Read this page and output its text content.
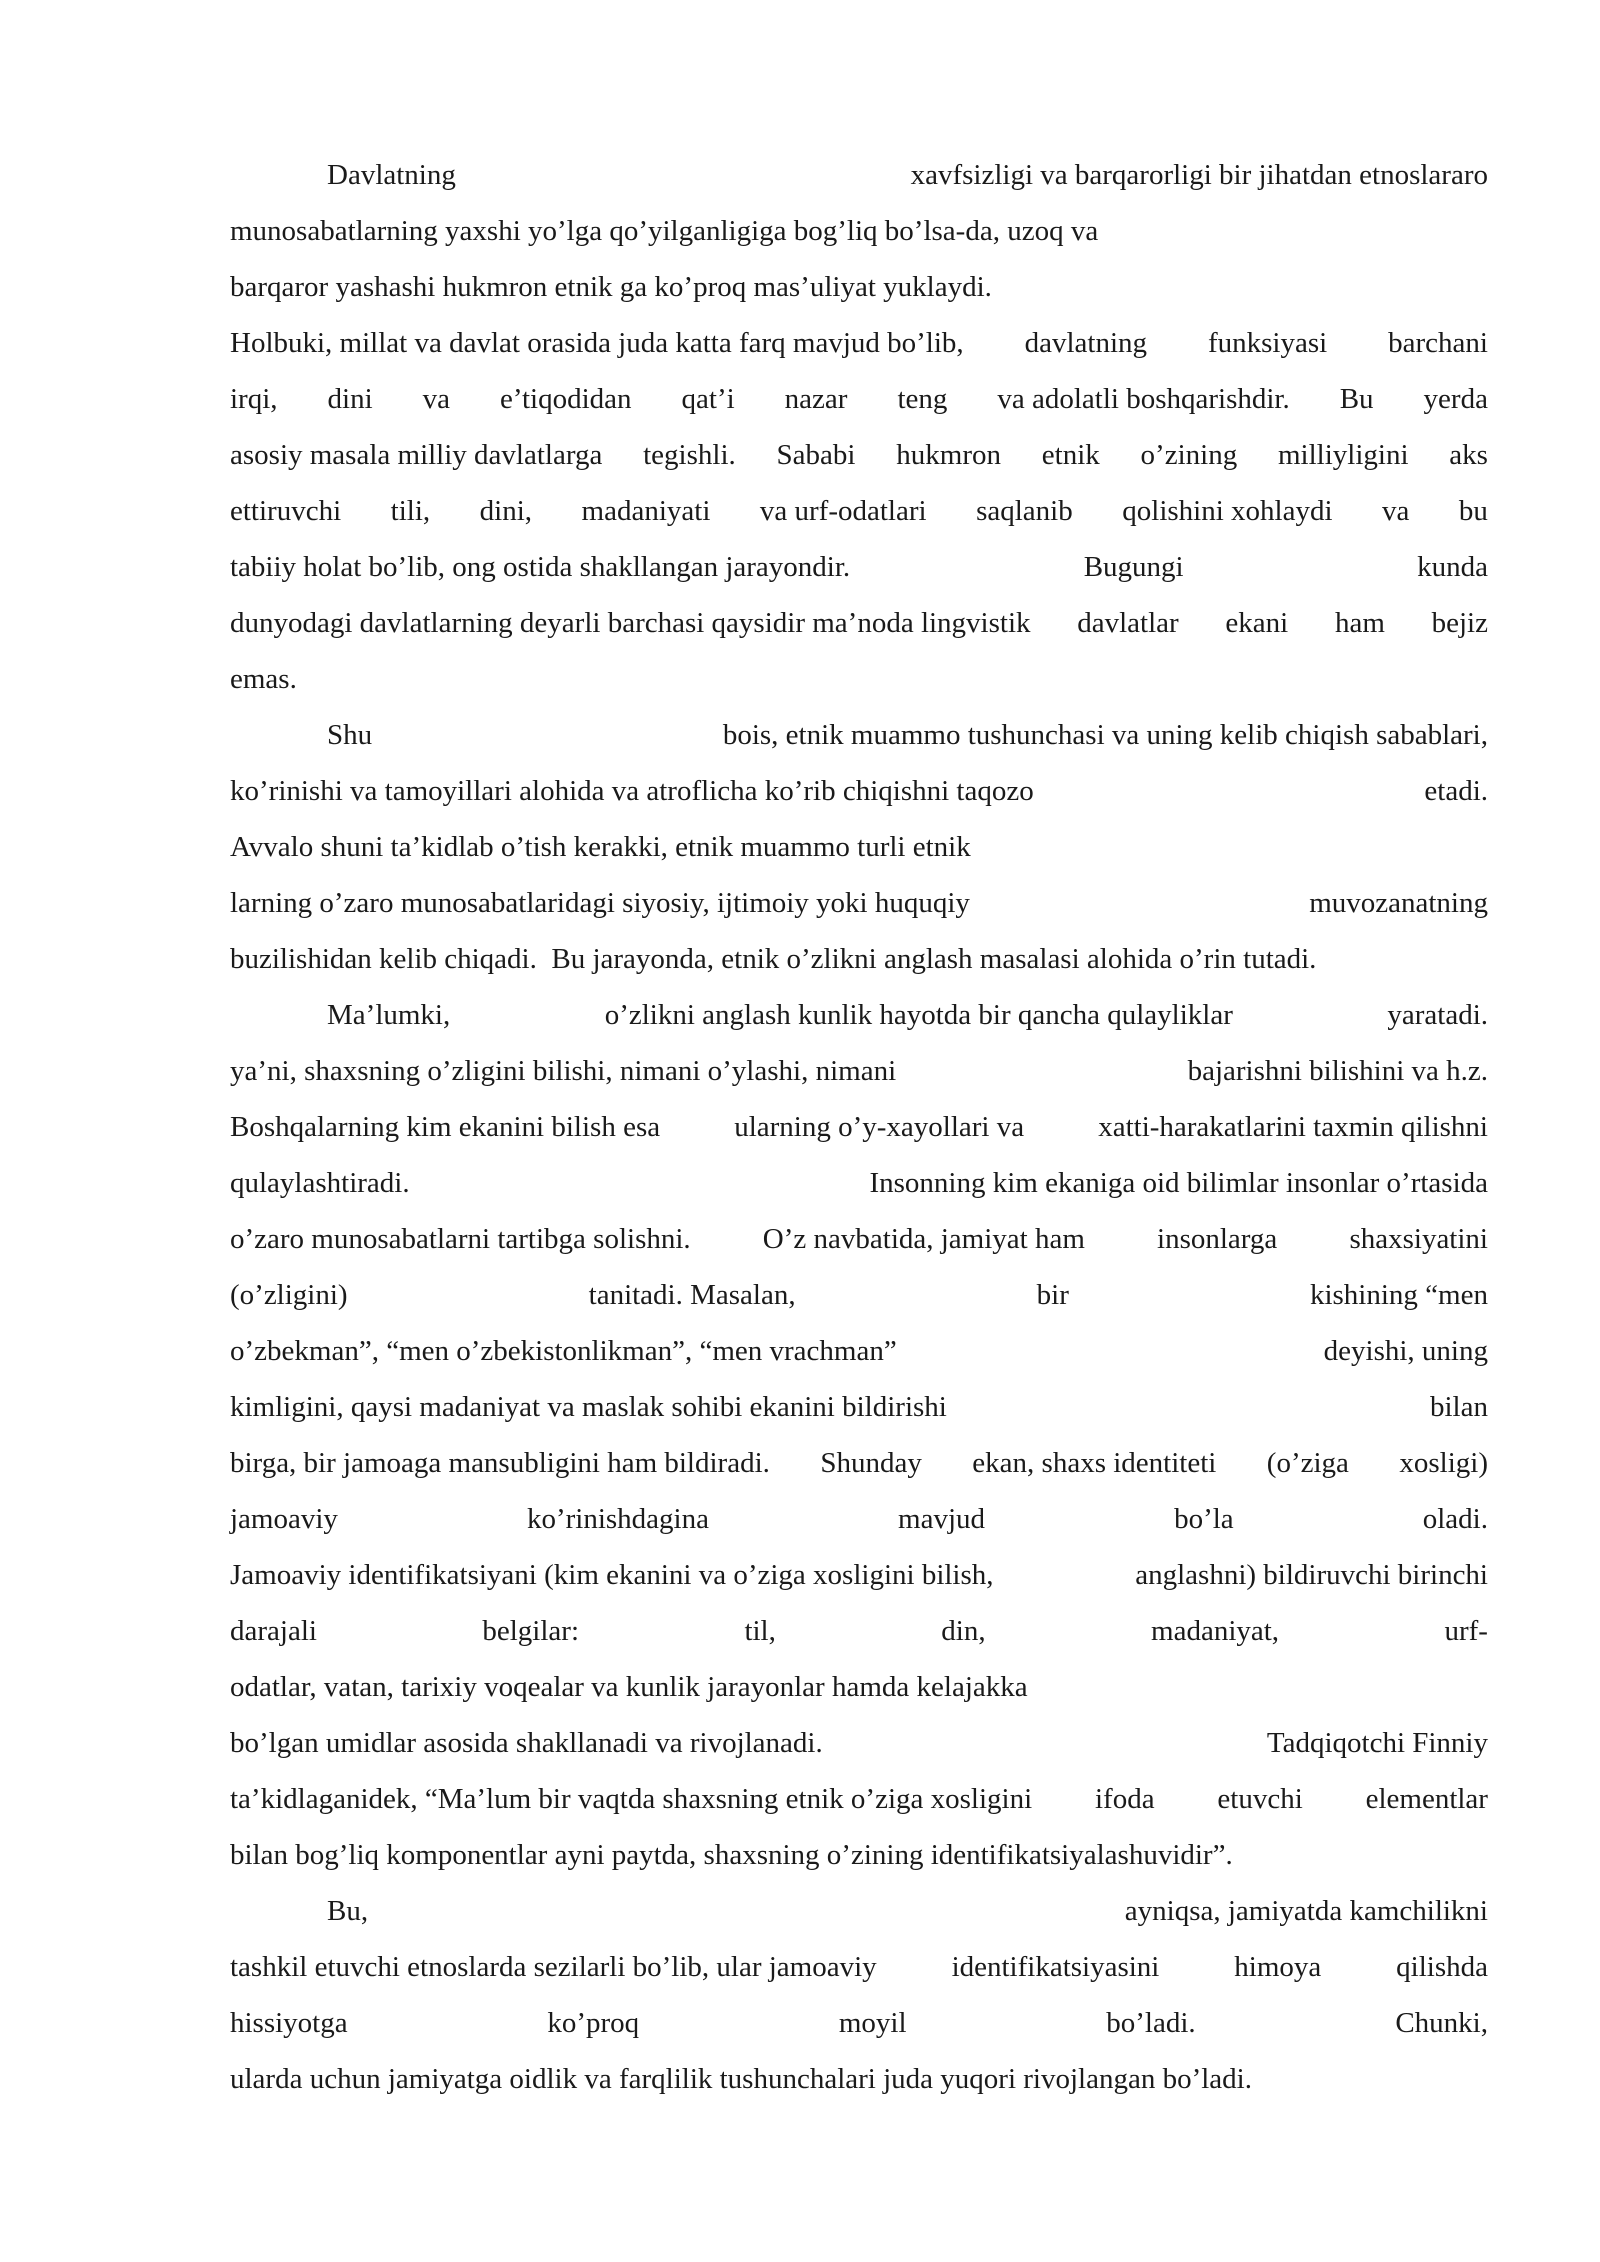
Davlatning	xavfsizligi va barqarorligi bir jihatdan etnoslararo
munosabatlarning yaxshi yo’lga qo’yilganligiga bog’liq bo’lsa-da, uzoq va
barqaror yashashi hukmron etnik ga ko’proq mas’uliyat yuklaydi.
Holbuki, millat va davlat orasida juda katta farq mavjud bo’lib, davlatning funksiyasi barchani
irqi, dini va e’tiqodidan qat’i nazar teng va adolatli boshqarishdir. Bu yerda
asosiy masala milliy davlatlarga tegishli. Sababi hukmron etnik o’zining milliyligini aks
ettiruvchi tili, dini, madaniyati va urf-odatlari saqlanib qolishini xohlaydi va bu
tabiiy holat bo’lib, ong ostida shakllangan jarayondir.	Bugungi	kunda
dunyodagi davlatlarning deyarli barchasi qaysidir ma’noda lingvistik davlatlar ekani ham bejiz
emas.
Shu	bois, etnik muammo tushunchasi va uning kelib chiqish sabablari,
ko’rinishi va tamoyillari alohida va atroflicha ko’rib chiqishni taqozo	etadi.
Avvalo shuni ta’kidlab o’tish kerakki, etnik muammo turli etnik
larning o’zaro munosabatlaridagi siyosiy, ijtimoiy yoki huquqiy	muvozanatning
buzilishidan kelib chiqadi.  Bu jarayonda, etnik o’zlikni anglash masalasi alohida o’rin tutadi.
Ma’lumki,	o’zlikni anglash kunlik hayotda bir qancha qulayliklar	yaratadi.
ya’ni, shaxsning o’zligini bilishi, nimani o’ylashi, nimani	bajarishni bilishini va h.z.
Boshqalarning kim ekanini bilish esa	ularning o’y-xayollari va	xatti-harakatlarini taxmin qilishni
qulaylashtiradi.	Insonning kim ekaniga oid bilimlar insonlar o’rtasida
o’zaro munosabatlarni tartibga solishni. O’z navbatida, jamiyat ham insonlarga shaxsiyatini
(o’zligini)	tanitadi. Masalan,	bir	kishining “men
o’zbekman”, “men o’zbekistonlikman”, “men vrachman”	deyishi, uning
kimligini, qaysi madaniyat va maslak sohibi ekanini bildirishi	bilan
birga, bir jamoaga mansubligini ham bildiradi. Shunday ekan, shaxs identiteti (o’ziga xosligi)
jamoaviy	ko’rinishdagina	mavjud	bo’la	oladi.
Jamoaviy identifikatsiyani (kim ekanini va o’ziga xosligini bilish,	anglashni) bildiruvchi birinchi
darajali	belgilar:	til,	din,	madaniyat,	urf-
odatlar, vatan, tarixiy voqealar va kunlik jarayonlar hamda kelajakka
bo’lgan umidlar asosida shakllanadi va rivojlanadi.	Tadqiqotchi Finniy
ta’kidlaganidek, “Ma’lum bir vaqtda shaxsning etnik o’ziga xosligini ifoda etuvchi elementlar
bilan bog’liq komponentlar ayni paytda, shaxsning o’zining identifikatsiyalashuvidir”.
Bu,	ayniqsa, jamiyatda kamchilikni
tashkil etuvchi etnoslarda sezilarli bo’lib, ular jamoaviy	identifikatsiyasini	himoya	qilishda
hissiyotga	ko’proq	moyil	bo’ladi.	Chunki,
ularda uchun jamiyatga oidlik va farqlilik tushunchalari juda yuqori rivojlangan bo’ladi.
